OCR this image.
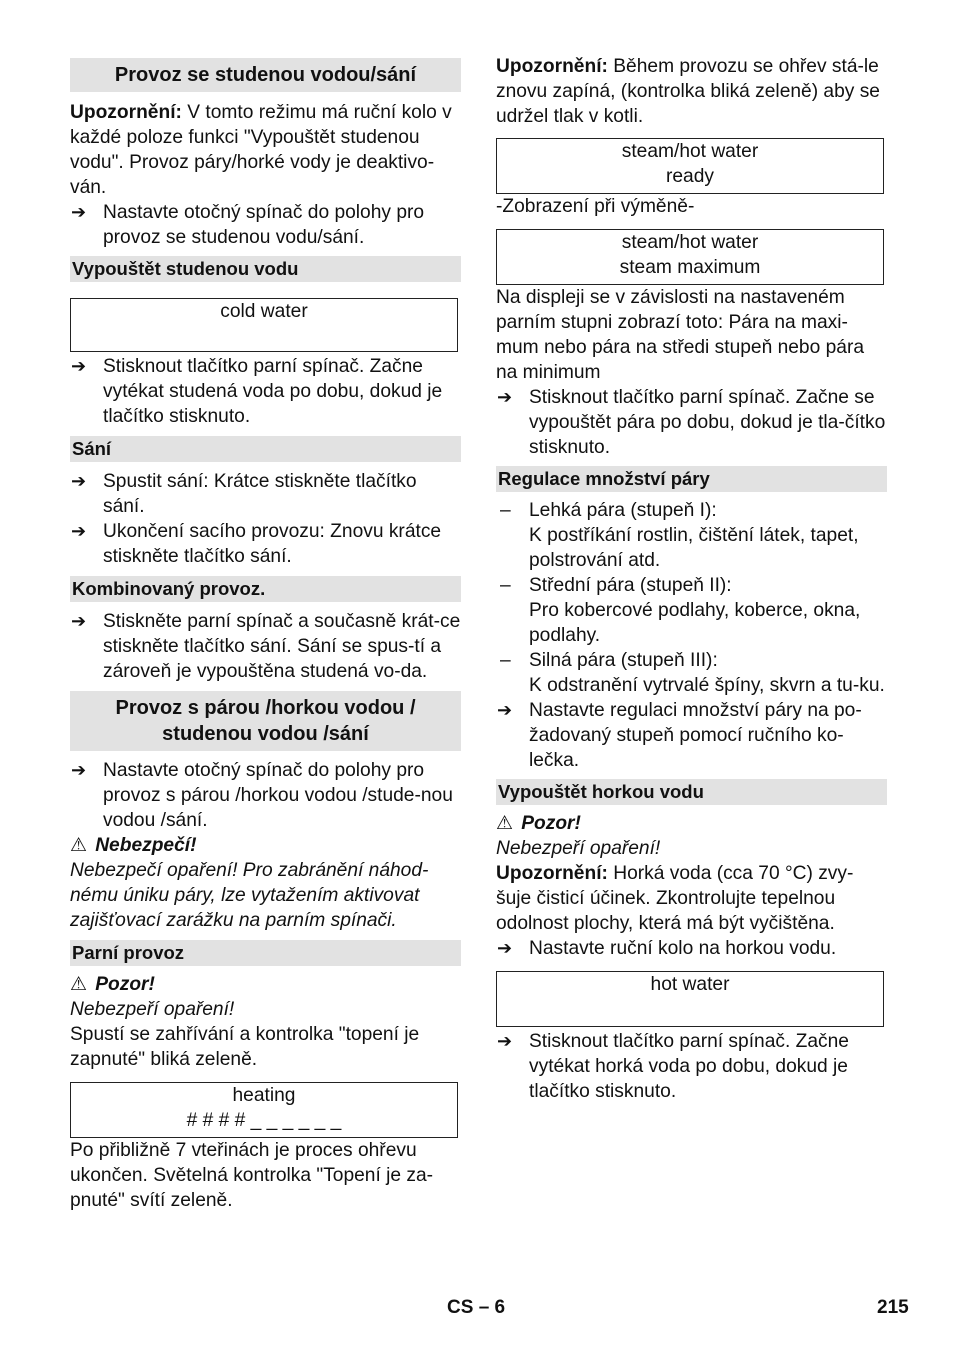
Provoz se studenou vodou/sání

Upozornění: V tomto režimu má ruční kolo v každé poloze funkci "Vypouštět studenou vodu". Provoz páry/horké vody je deaktivo-ván.

➔ Nastavte otočný spínač do polohy pro provoz se studenou vodu/sání.
Vypouštět studenou vodu
cold water
➔ Stisknout tlačítko parní spínač. Začne vytékat studená voda po dobu, dokud je tlačítko stisknuto.
Sání
➔ Spustit sání: Krátce stiskněte tlačítko sání.
➔ Ukončení sacího provozu: Znovu krátce stiskněte tlačítko sání.
Kombinovaný provoz.
➔ Stiskněte parní spínač a současně krát-ce stiskněte tlačítko sání. Sání se spus-tí a zároveň je vypouštěna studená vo-da.
Provoz s párou /horkou vodou / studenou vodou /sání
➔ Nastavte otočný spínač do polohy pro provoz s párou /horkou vodou /stude-nou vodou /sání.

⚠ Nebezpečí!

Nebezpečí opaření! Pro zabránění náhod-nému úniku páry, lze vytažením aktivovat zajišťovací zarážku na parním spínači.

Parní provoz

⚠ Pozor!

Nebezpeří opaření!

Spustí se zahřívání a kontrolka "topení je zapnuté" bliká zeleně.

heating
# # # # _ _ _ _ _ _

Po přibližně 7 vteřinách je proces ohřevu ukončen. Světelná kontrolka "Topení je za-pnuté" svítí zeleně.

Upozornění: Během provozu se ohřev stá-le znovu zapíná, (kontrolka bliká zeleně) aby se udržel tlak v kotli.

steam/hot water
ready

-Zobrazení při výměně-

steam/hot water
steam maximum

Na displeji se v závislosti na nastaveném parním stupni zobrazí toto: Pára na maxi-mum nebo pára na středi stupeň nebo pára na minimum

➔ Stisknout tlačítko parní spínač. Začne se vypouštět pára po dobu, dokud je tla-čítko stisknuto.
Regulace množství páry
– Lehká pára (stupeň I):
K postříkání rostlin, čištění látek, tapet, polstrování atd.
– Střední pára (stupeň II):
Pro kobercové podlahy, koberce, okna, podlahy.
– Silná pára (stupeň III):
K odstranění vytrvalé špíny, skvrn a tu-ku.
➔ Nastavte regulaci množství páry na po-žadovaný stupeň pomocí ručního ko-lečka.
Vypouštět horkou vodu

⚠ Pozor!

Nebezpeří opaření!

Upozornění: Horká voda (cca 70 °C) zvy-šuje čisticí účinek. Zkontrolujte tepelnou odolnost plochy, která má být vyčištěna.

➔ Nastavte ruční kolo na horkou vodu.
hot water
➔ Stisknout tlačítko parní spínač. Začne vytékat horká voda po dobu, dokud je tlačítko stisknuto.
CS – 6	215
